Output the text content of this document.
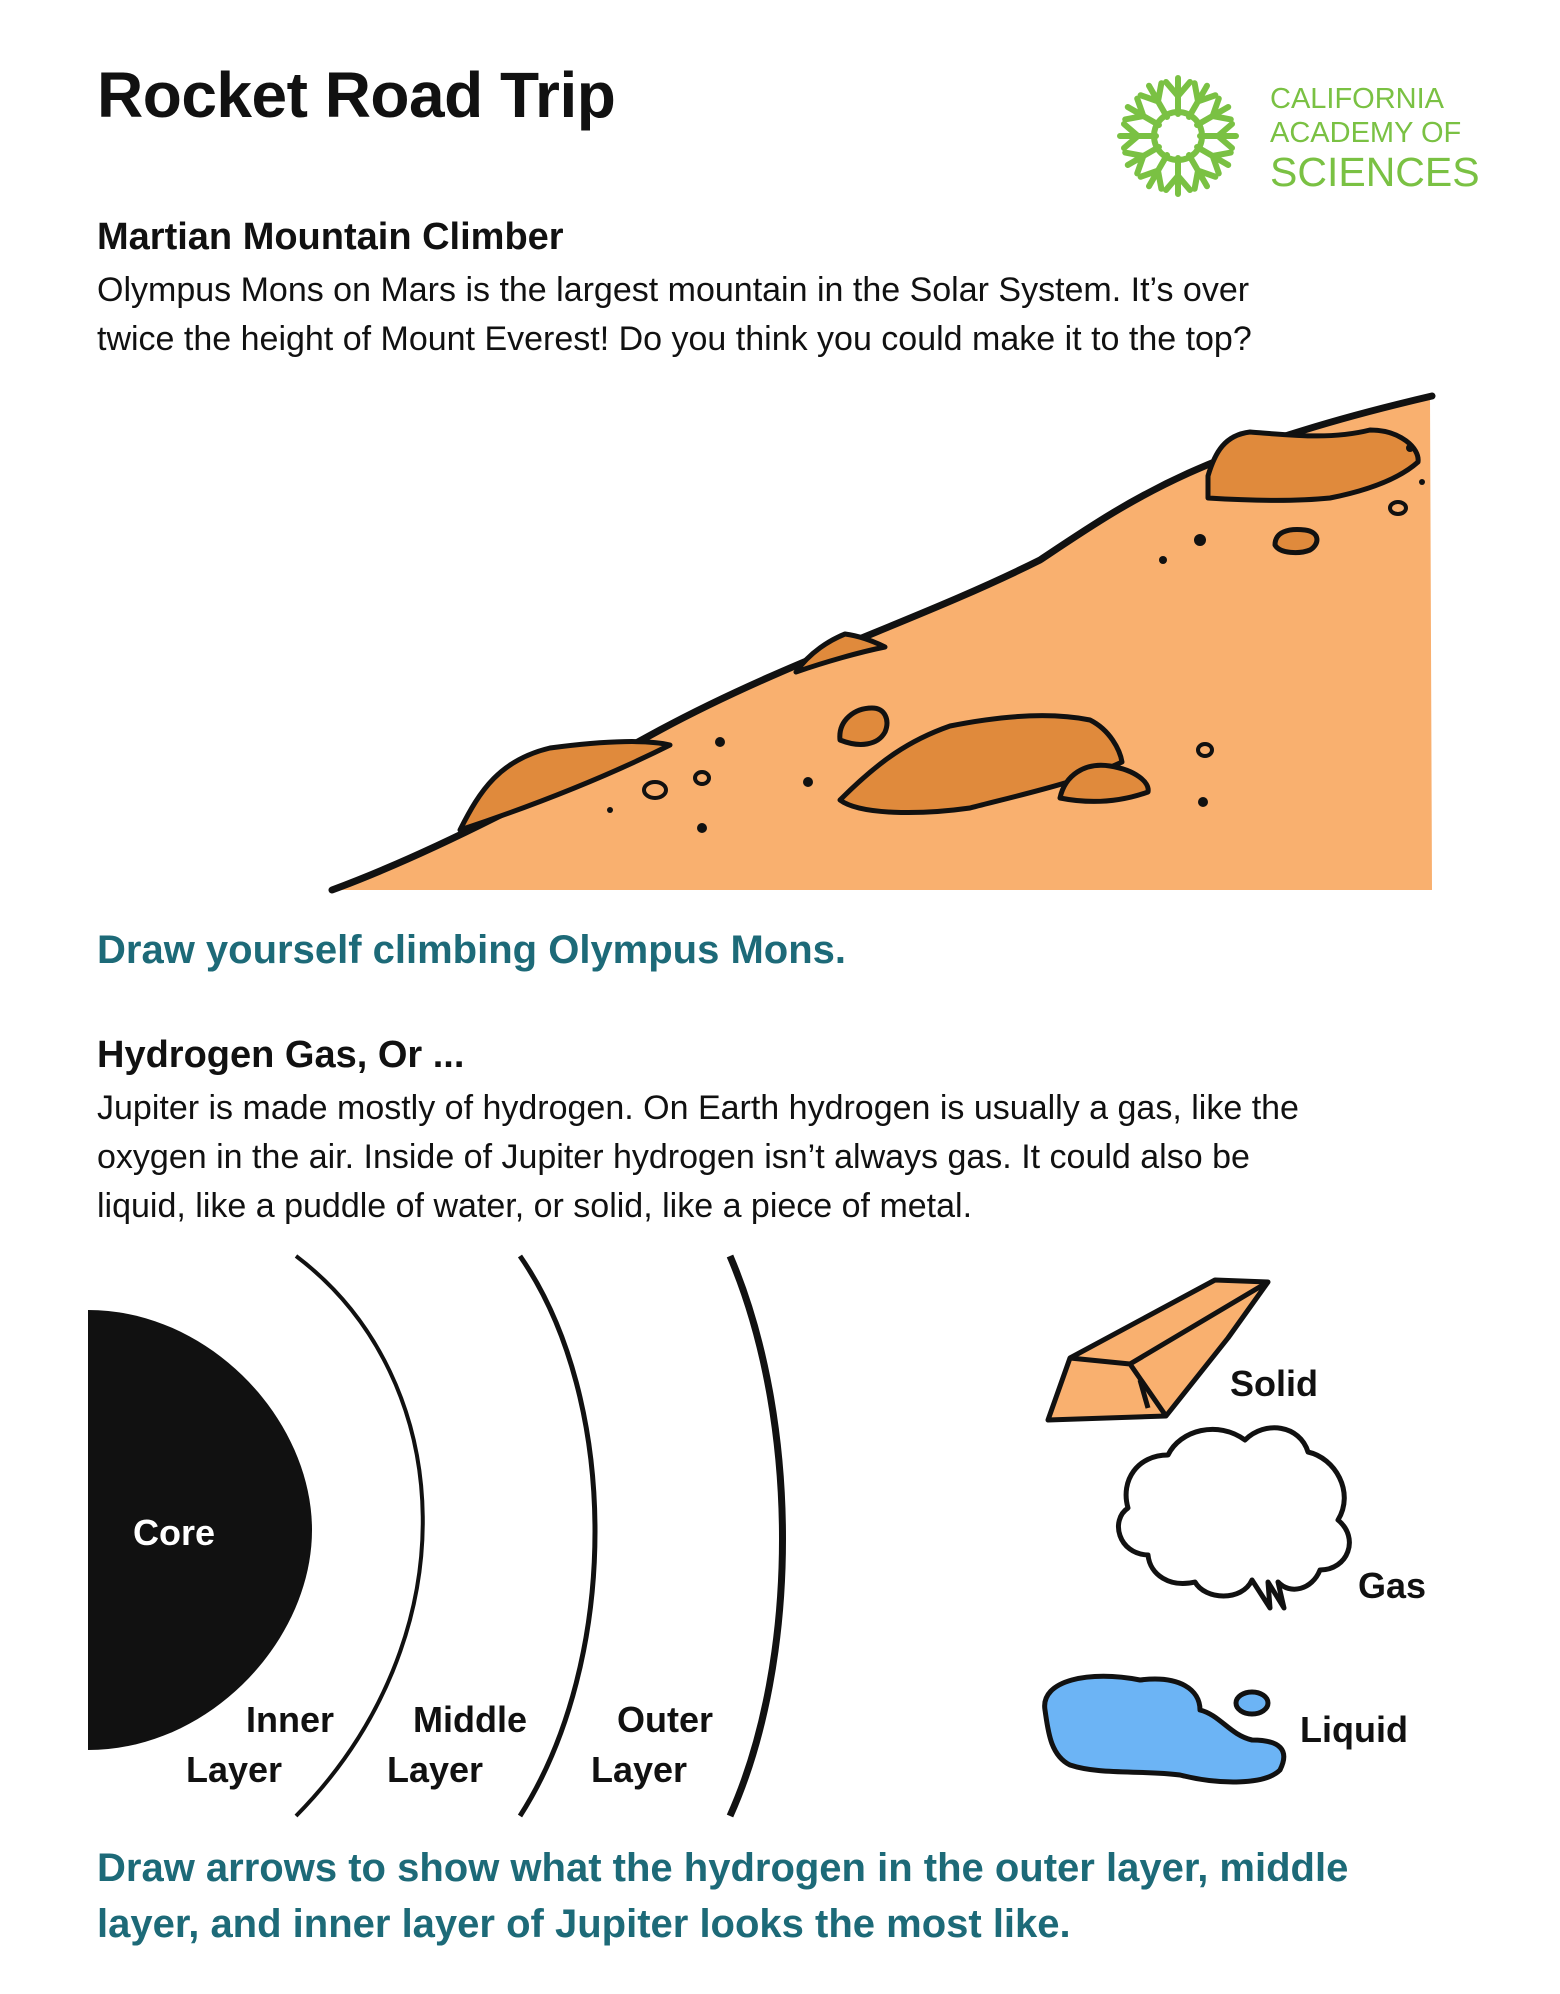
Rocket Road Trip	CALIFORNIA
ACADEMY OF
SCIENCES
Martian Mountain Climber

Olympus Mons on Mars is the largest mountain in the Solar System. It’s over

twice the height of Mount Everest! Do you think you could make it to the top?

Draw yourself climbing Olympus Mons.

Hydrogen Gas, Or ...

Jupiter is made mostly of hydrogen. On Earth hydrogen is usually a gas, like the

oxygen in the air. Inside of Jupiter hydrogen isn’t always gas. It could also be

liquid, like a puddle of water, or solid, like a piece of metal.

Core
Inner
Layer
Middle
Layer
Outer
Layer
Solid
Gas
Liquid

Draw arrows to show what the hydrogen in the outer layer, middle

layer, and inner layer of Jupiter looks the most like.
